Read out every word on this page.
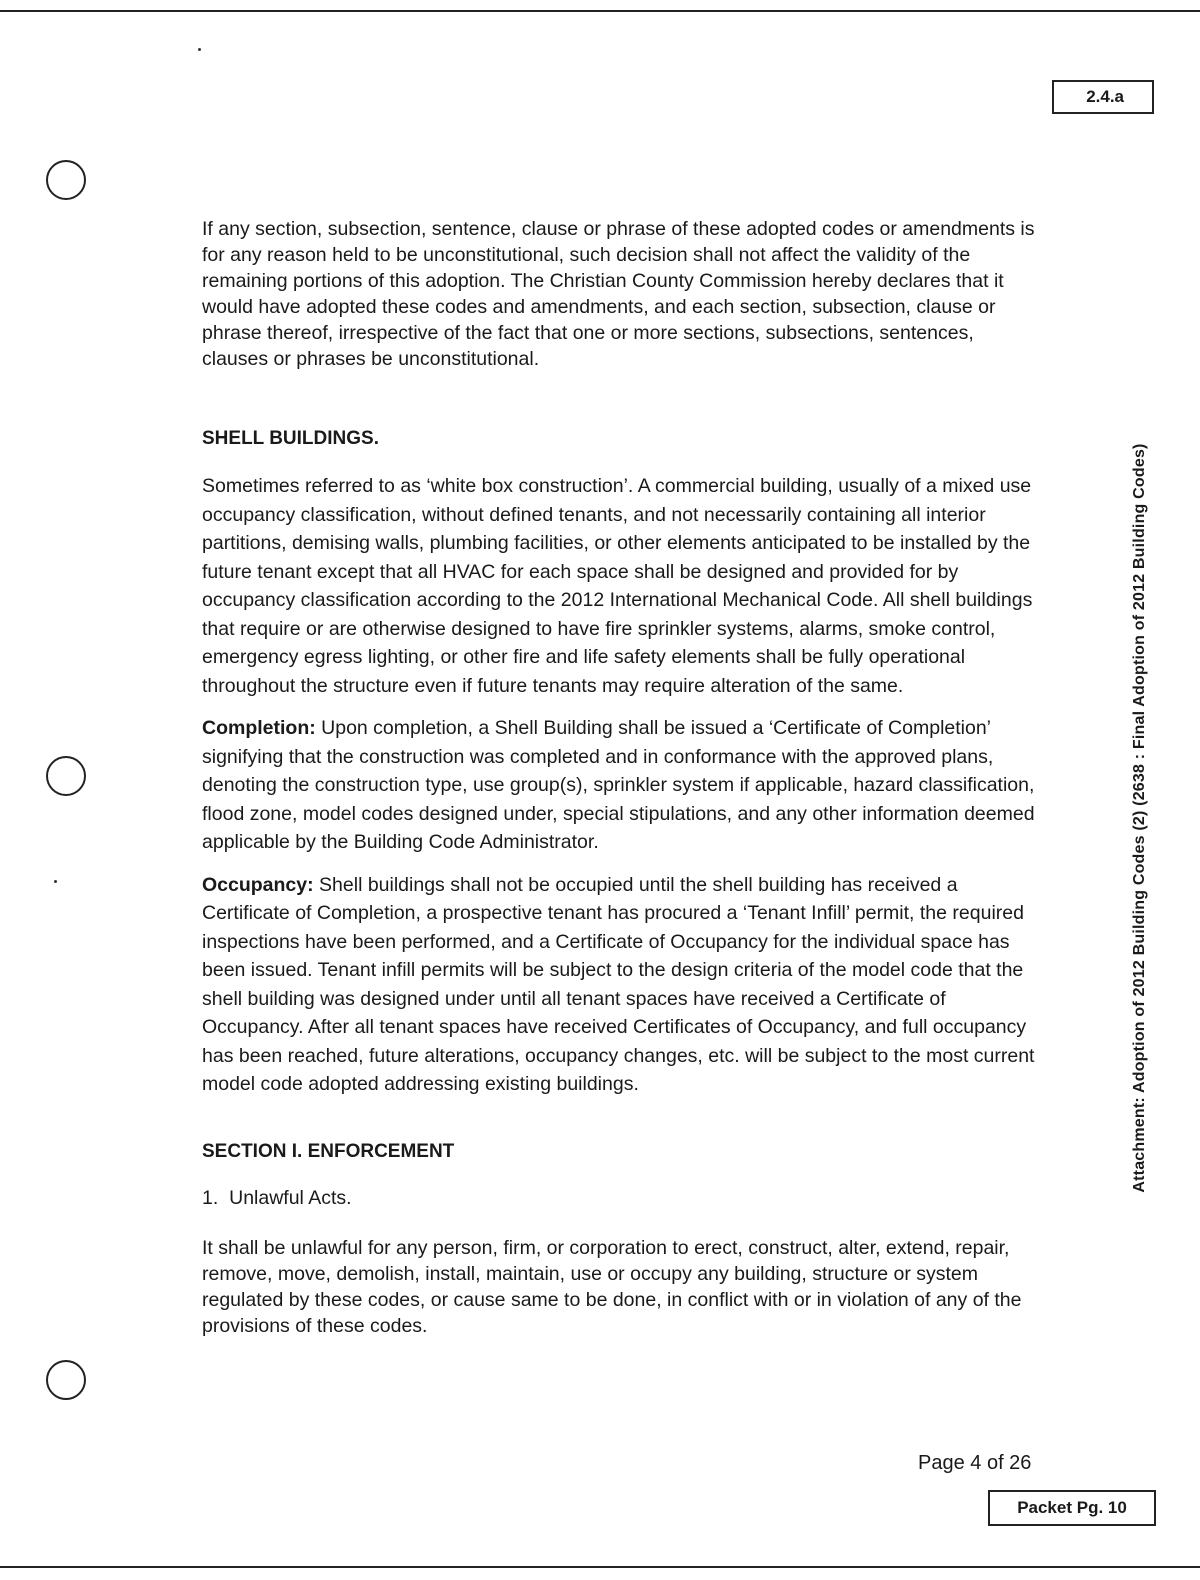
2.4.a
Attachment: Adoption of 2012 Building Codes (2) (2638 : Final Adoption of 2012 Building Codes)

If any section, subsection, sentence, clause or phrase of these adopted codes or amendments is for any reason held to be unconstitutional, such decision shall not affect the validity of the remaining portions of this adoption. The Christian County Commission hereby declares that it would have adopted these codes and amendments, and each section, subsection, clause or phrase thereof, irrespective of the fact that one or more sections, subsections, sentences, clauses or phrases be unconstitutional.

SHELL BUILDINGS.

Sometimes referred to as ‘white box construction’. A commercial building, usually of a mixed use occupancy classification, without defined tenants, and not necessarily containing all interior partitions, demising walls, plumbing facilities, or other elements anticipated to be installed by the future tenant except that all HVAC for each space shall be designed and provided for by occupancy classification according to the 2012 International Mechanical Code. All shell buildings that require or are otherwise designed to have fire sprinkler systems, alarms, smoke control, emergency egress lighting, or other fire and life safety elements shall be fully operational throughout the structure even if future tenants may require alteration of the same.

Completion: Upon completion, a Shell Building shall be issued a ‘Certificate of Completion’ signifying that the construction was completed and in conformance with the approved plans, denoting the construction type, use group(s), sprinkler system if applicable, hazard classification, flood zone, model codes designed under, special stipulations, and any other information deemed applicable by the Building Code Administrator.

Occupancy: Shell buildings shall not be occupied until the shell building has received a Certificate of Completion, a prospective tenant has procured a ‘Tenant Infill’ permit, the required inspections have been performed, and a Certificate of Occupancy for the individual space has been issued. Tenant infill permits will be subject to the design criteria of the model code that the shell building was designed under until all tenant spaces have received a Certificate of Occupancy. After all tenant spaces have received Certificates of Occupancy, and full occupancy has been reached, future alterations, occupancy changes, etc. will be subject to the most current model code adopted addressing existing buildings.

SECTION I. ENFORCEMENT

1. Unlawful Acts.

It shall be unlawful for any person, firm, or corporation to erect, construct, alter, extend, repair, remove, move, demolish, install, maintain, use or occupy any building, structure or system regulated by these codes, or cause same to be done, in conflict with or in violation of any of the provisions of these codes.

Page 4 of 26
Packet Pg. 10
